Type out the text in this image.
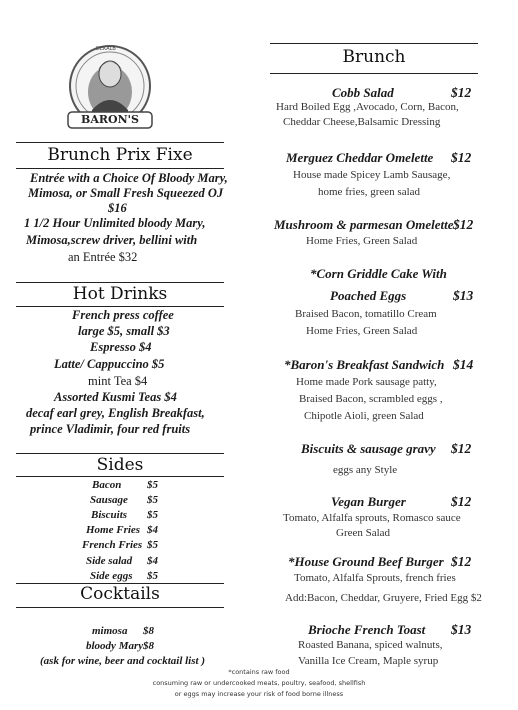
DEKALB
BARON'S
Brunch Prix Fixe
Entrée with a Choice Of Bloody Mary,
Mimosa, or Small Fresh Squeezed OJ
$16
1 1/2 Hour Unlimited bloody Mary,
Mimosa,screw driver, bellini with
an Entrée $32
Hot Drinks
French press coffee
large $5, small $3
Espresso $4
Latte/ Cappuccino $5
mint Tea $4
Assorted Kusmi Teas $4
decaf earl grey, English Breakfast,
prince Vladimir, four red fruits
Sides
Bacon $5
Sausage $5
Biscuits $5
Home Fries $4
French Fries $5
Side salad $4
Side eggs $5
Cocktails
mimosa $8
bloody Mary $8
(ask for wine, beer and cocktail list )
Brunch
Cobb Salad	$12
Hard Boiled Egg ,Avocado, Corn, Bacon,
Cheddar Cheese,Balsamic Dressing
Merguez Cheddar Omelette $12
House made Spicey Lamb Sausage,
home fries, green salad
Mushroom & parmesan Omelette $12
Home Fries, Green Salad
*Corn Griddle Cake With
Poached Eggs	$13
Braised Bacon, tomatillo Cream
Home Fries, Green Salad
*Baron's Breakfast Sandwich $14
Home made Pork sausage patty,
Braised Bacon, scrambled eggs ,
Chipotle Aioli, green Salad
Biscuits & sausage gravy $12
eggs any Style
Vegan Burger	$12
Tomato, Alfalfa sprouts, Romasco sauce
Green Salad
*House Ground Beef Burger $12
Tomato, Alfalfa Sprouts, french fries
Add:Bacon, Cheddar, Gruyere, Fried Egg $2
Brioche French Toast $13
Roasted Banana, spiced walnuts,
Vanilla Ice Cream, Maple syrup
*contains raw food
consuming raw or undercooked meats, poultry, seafood, shellfish
or eggs may increase your risk of food borne illness
